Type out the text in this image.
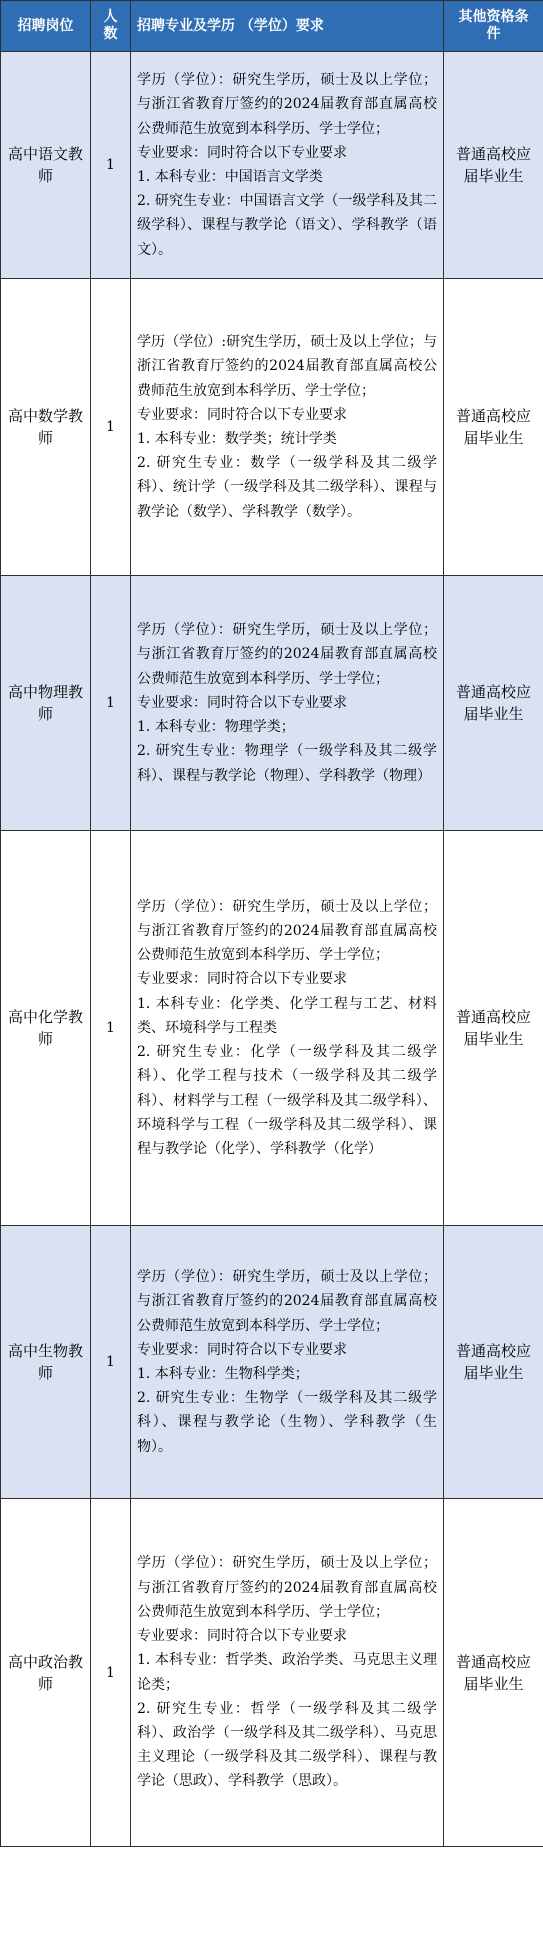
招聘岗位	人数	招聘专业及学历 （学位）要求	其他资格条件
高中语文教师	1	学历（学位）：研究生学历，硕士及以上学位；与浙江省教育厅签约的2024届教育部直属高校公费师范生放宽到本科学历、学士学位；
专业要求：同时符合以下专业要求
1. 本科专业：中国语言文学类
2. 研究生专业：中国语言文学（一级学科及其二级学科）、课程与教学论（语文）、学科教学（语文）。	普通高校应届毕业生
高中数学教师	1	学历（学位）:研究生学历，硕士及以上学位；与浙江省教育厅签约的2024届教育部直属高校公费师范生放宽到本科学历、学士学位；
专业要求：同时符合以下专业要求
1. 本科专业：数学类；统计学类
2. 研究生专业：数学（一级学科及其二级学科）、统计学（一级学科及其二级学科）、课程与教学论（数学）、学科教学（数学）。	普通高校应届毕业生
高中物理教师	1	学历（学位）：研究生学历，硕士及以上学位；与浙江省教育厅签约的2024届教育部直属高校公费师范生放宽到本科学历、学士学位；
专业要求：同时符合以下专业要求
1. 本科专业：物理学类；
2. 研究生专业：物理学（一级学科及其二级学科）、课程与教学论（物理）、学科教学（物理）	普通高校应届毕业生
高中化学教师	1	学历（学位）：研究生学历，硕士及以上学位；与浙江省教育厅签约的2024届教育部直属高校公费师范生放宽到本科学历、学士学位；
专业要求：同时符合以下专业要求
1. 本科专业：化学类、化学工程与工艺、材料类、环境科学与工程类
2. 研究生专业：化学（一级学科及其二级学科）、化学工程与技术（一级学科及其二级学科）、材料学与工程（一级学科及其二级学科）、环境科学与工程（一级学科及其二级学科）、课程与教学论（化学）、学科教学（化学）	普通高校应届毕业生
高中生物教师	1	学历（学位）：研究生学历，硕士及以上学位；与浙江省教育厅签约的2024届教育部直属高校公费师范生放宽到本科学历、学士学位；
专业要求：同时符合以下专业要求
1. 本科专业：生物科学类；
2. 研究生专业：生物学（一级学科及其二级学科）、课程与教学论（生物）、学科教学（生物）。	普通高校应届毕业生
高中政治教师	1	学历（学位）：研究生学历，硕士及以上学位；与浙江省教育厅签约的2024届教育部直属高校公费师范生放宽到本科学历、学士学位；
专业要求：同时符合以下专业要求
1. 本科专业：哲学类、政治学类、马克思主义理论类；
2. 研究生专业：哲学（一级学科及其二级学科）、政治学（一级学科及其二级学科）、马克思主义理论（一级学科及其二级学科）、课程与教学论（思政）、学科教学（思政）。	普通高校应届毕业生
